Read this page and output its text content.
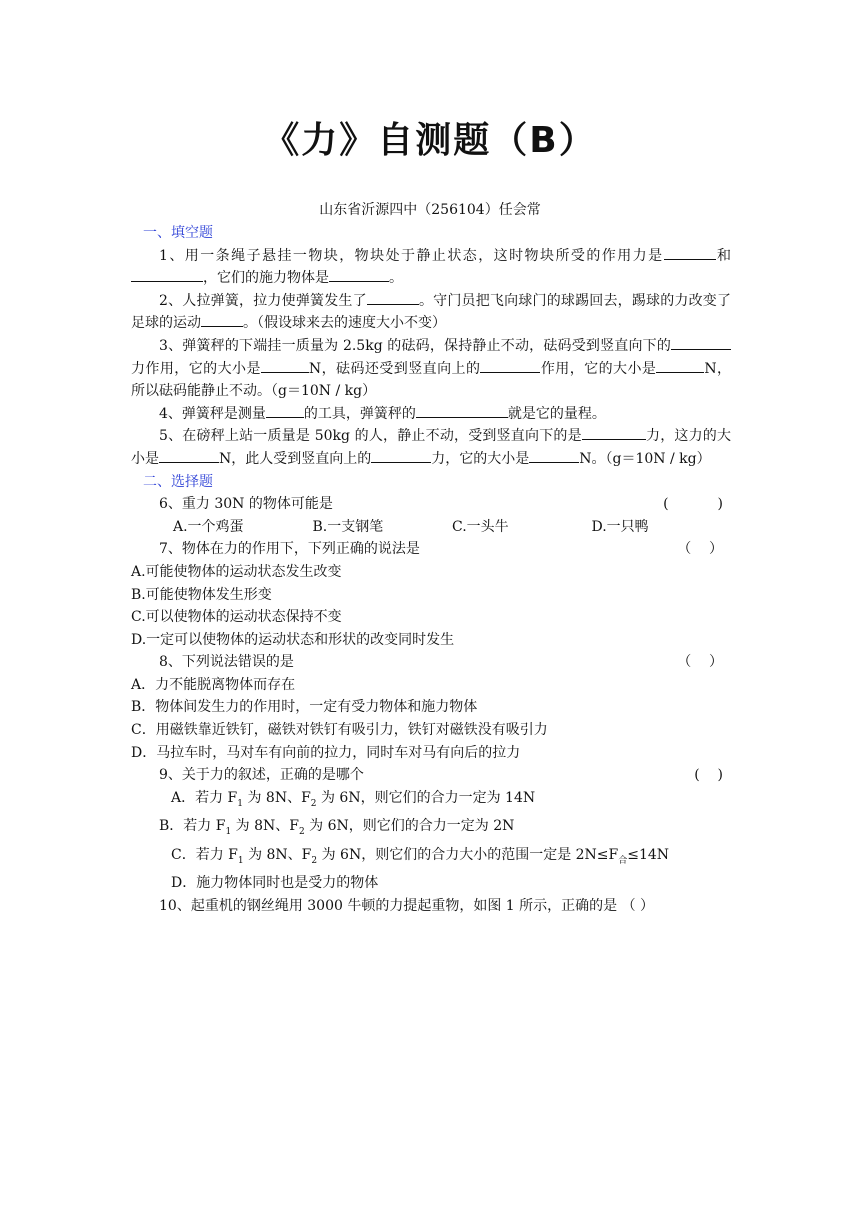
《力》自测题（B）
山东省沂源四中（256104）任会常
一、填空题
1、用一条绳子悬挂一物块，物块处于静止状态，这时物块所受的作用力是	和，它们的施力物体是	。
2、人拉弹簧，拉力使弹簧发生了	。守门员把飞向球门的球踢回去，踢球的力改变了足球的运动	。（假设球来去的速度大小不变）
3、弹簧秤的下端挂一质量为 2.5kg 的砝码，保持静止不动，砝码受到竖直向下的力作用，它的大小是	N，砝码还受到竖直向上的	作用，它的大小是	N，所以砝码能静止不动。（g＝10N / kg）
4、弹簧秤是测量	的工具，弹簧秤的	就是它的量程。
5、在磅秤上站一质量是 50kg 的人，静止不动，受到竖直向下的是	力，这力的大小是	N，此人受到竖直向上的	力，它的大小是	N。（g＝10N / kg）
二、选择题
6、重力 30N 的物体可能是	(           )
A.一个鸡蛋	B.一支钢笔	C.一头牛	D.一只鸭
7、物体在力的作用下，下列正确的说法是	（    ）
A.可能使物体的运动状态发生改变
B.可能使物体发生形变
C.可以使物体的运动状态保持不变
D.一定可以使物体的运动状态和形状的改变同时发生
8、下列说法错误的是	（    ）
A．力不能脱离物体而存在
B．物体间发生力的作用时，一定有受力物体和施力物体
C．用磁铁靠近铁钉，磁铁对铁钉有吸引力，铁钉对磁铁没有吸引力
D．马拉车时，马对车有向前的拉力，同时车对马有向后的拉力
9、关于力的叙述，正确的是哪个	(    )
A．若力 $F_1$ 为 8N、$F_2$ 为 6N，则它们的合力一定为 14N
B．若力 $F_1$ 为 8N、$F_2$ 为 6N，则它们的合力一定为 2N
C．若力 $F_1$ 为 8N、$F_2$ 为 6N，则它们的合力大小的范围一定是 $2N\le F_合\le 14N$
D．施力物体同时也是受力的物体
10、起重机的钢丝绳用 3000 牛顿的力提起重物，如图 1 所示，正确的是 （ ）
